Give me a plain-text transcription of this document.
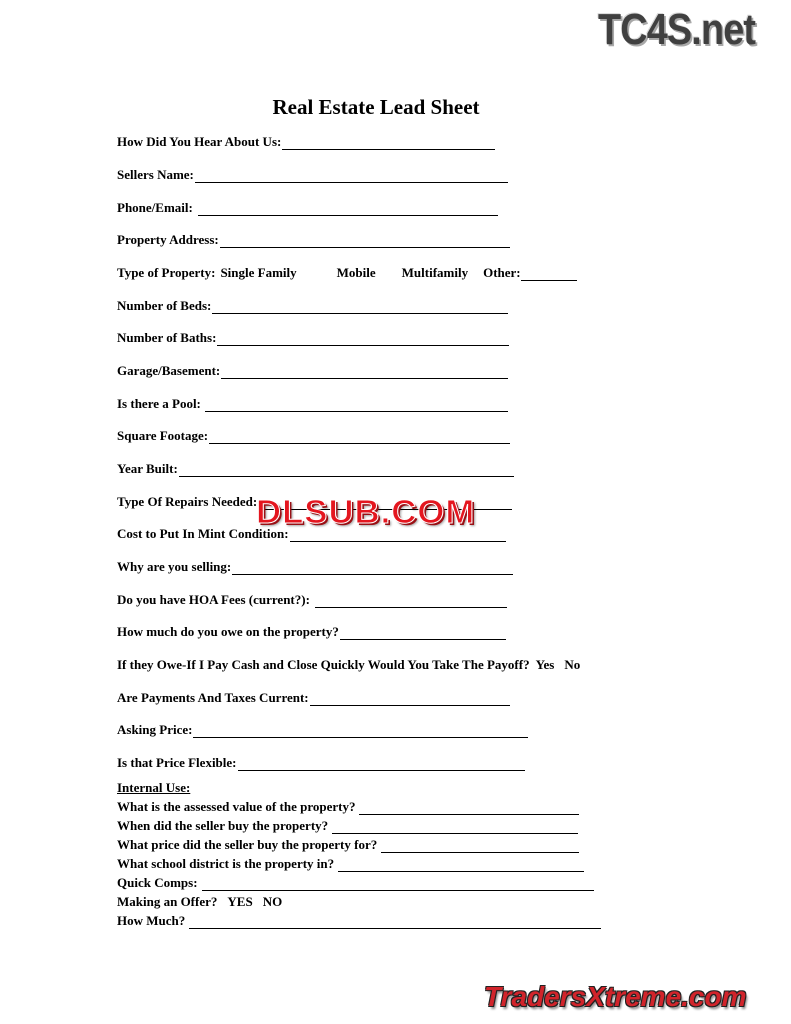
TC4S.net
Real Estate Lead Sheet
How Did You Hear About Us:
Sellers Name:
Phone/Email:
Property Address:
Type of Property: Single Family	Mobile Multifamily Other:
Number of Beds:
Number of Baths:
Garage/Basement:
Is there a Pool:
Square Footage:
Year Built:
Type Of Repairs Needed:
Cost to Put In Mint Condition:
Why are you selling:
Do you have HOA Fees (current?):
How much do you owe on the property?
If they Owe-If I Pay Cash and Close Quickly Would You Take The Payoff? Yes No
Are Payments And Taxes Current:
Asking Price:
Is that Price Flexible:
Internal Use:
What is the assessed value of the property?
When did the seller buy the property?
What price did the seller buy the property for?
What school district is the property in?
Quick Comps:
Making an Offer? YES NO
How Much?
DLSUB.COM
TradersXtreme.com
